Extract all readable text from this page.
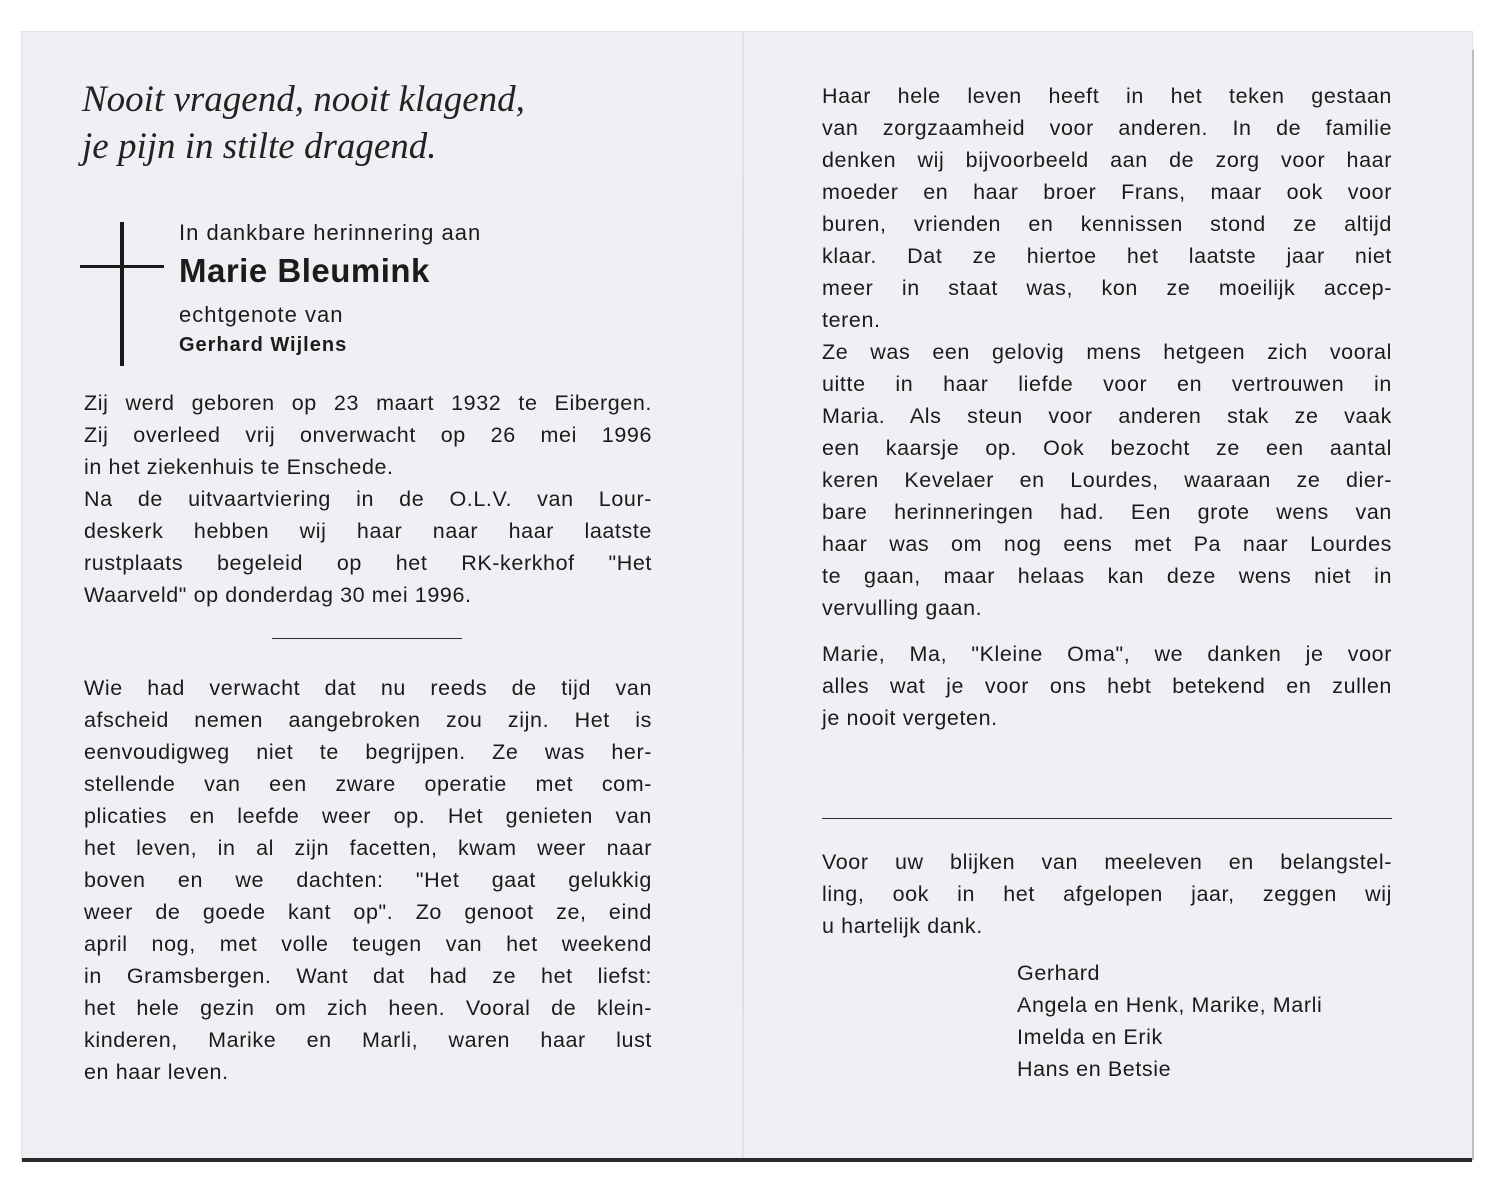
Nooit vragend, nooit klagend,
je pijn in stilte dragend.
In dankbare herinnering aan
Marie Bleumink
echtgenote van
Gerhard Wijlens
Zij werd geboren op 23 maart 1932 te Eibergen.
Zij overleed vrij onverwacht op 26 mei 1996
in het ziekenhuis te Enschede.
Na de uitvaartviering in de O.L.V. van Lour-
deskerk hebben wij haar naar haar laatste
rustplaats begeleid op het RK-kerkhof "Het
Waarveld" op donderdag 30 mei 1996.
Wie had verwacht dat nu reeds de tijd van
afscheid nemen aangebroken zou zijn. Het is
eenvoudigweg niet te begrijpen. Ze was her-
stellende van een zware operatie met com-
plicaties en leefde weer op. Het genieten van
het leven, in al zijn facetten, kwam weer naar
boven en we dachten: "Het gaat gelukkig
weer de goede kant op". Zo genoot ze, eind
april nog, met volle teugen van het weekend
in Gramsbergen. Want dat had ze het liefst:
het hele gezin om zich heen. Vooral de klein-
kinderen, Marike en Marli, waren haar lust
en haar leven.
Haar hele leven heeft in het teken gestaan
van zorgzaamheid voor anderen. In de familie
denken wij bijvoorbeeld aan de zorg voor haar
moeder en haar broer Frans, maar ook voor
buren, vrienden en kennissen stond ze altijd
klaar. Dat ze hiertoe het laatste jaar niet
meer in staat was, kon ze moeilijk accep-
teren.
Ze was een gelovig mens hetgeen zich vooral
uitte in haar liefde voor en vertrouwen in
Maria. Als steun voor anderen stak ze vaak
een kaarsje op. Ook bezocht ze een aantal
keren Kevelaer en Lourdes, waaraan ze dier-
bare herinneringen had. Een grote wens van
haar was om nog eens met Pa naar Lourdes
te gaan, maar helaas kan deze wens niet in
vervulling gaan.
Marie, Ma, "Kleine Oma", we danken je voor
alles wat je voor ons hebt betekend en zullen
je nooit vergeten.
Voor uw blijken van meeleven en belangstel-
ling, ook in het afgelopen jaar, zeggen wij
u hartelijk dank.
Gerhard
Angela en Henk, Marike, Marli
Imelda en Erik
Hans en Betsie
